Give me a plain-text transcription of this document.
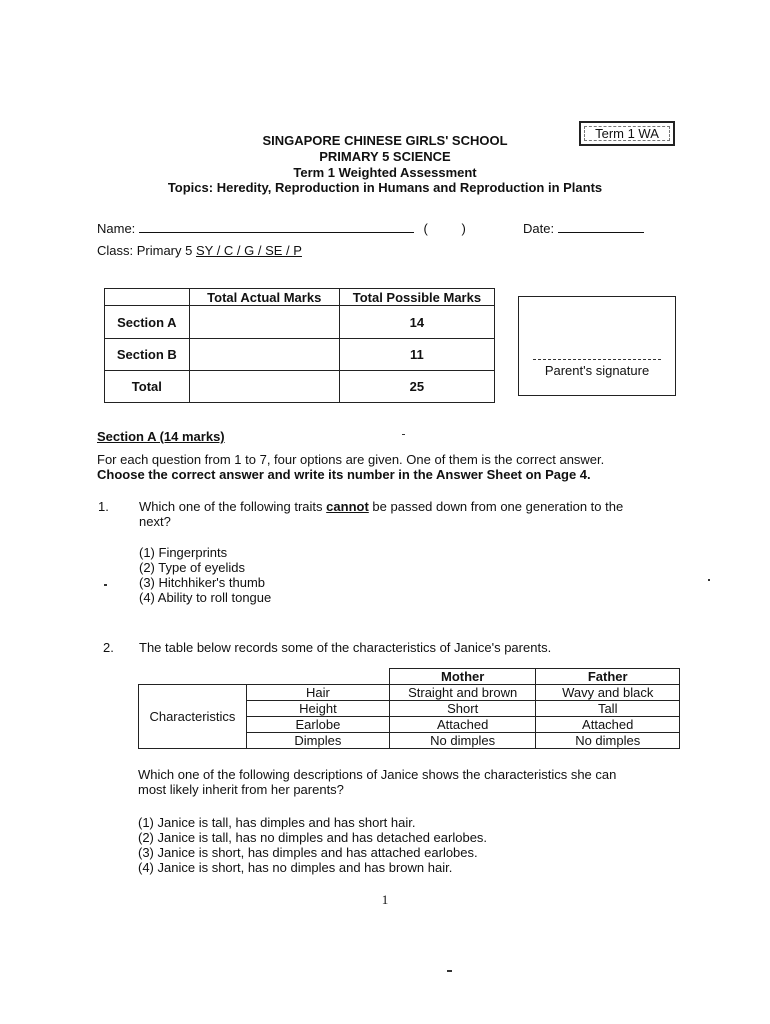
Term 1 WA
SINGAPORE CHINESE GIRLS' SCHOOL
PRIMARY 5 SCIENCE
Term 1 Weighted Assessment
Topics: Heredity, Reproduction in Humans and Reproduction in Plants
Name:	(	)	Date:
Class: Primary 5 SY / C / G / SE / P
	Total Actual Marks	Total Possible Marks
Section A		14
Section B		11
Total		25
Parent's signature
Section A (14 marks)
For each question from 1 to 7, four options are given. One of them is the correct answer.
Choose the correct answer and write its number in the Answer Sheet on Page 4.
1. Which one of the following traits cannot be passed down from one generation to the
next?
(1) Fingerprints
(2) Type of eyelids
(3) Hitchhiker's thumb
(4) Ability to roll tongue
2. The table below records some of the characteristics of Janice's parents.
		Mother	Father
Characteristics	Hair	Straight and brown	Wavy and black
	Height	Short	Tall
	Earlobe	Attached	Attached
	Dimples	No dimples	No dimples
Which one of the following descriptions of Janice shows the characteristics she can
most likely inherit from her parents?
(1) Janice is tall, has dimples and has short hair.
(2) Janice is tall, has no dimples and has detached earlobes.
(3) Janice is short, has dimples and has attached earlobes.
(4) Janice is short, has no dimples and has brown hair.
1
